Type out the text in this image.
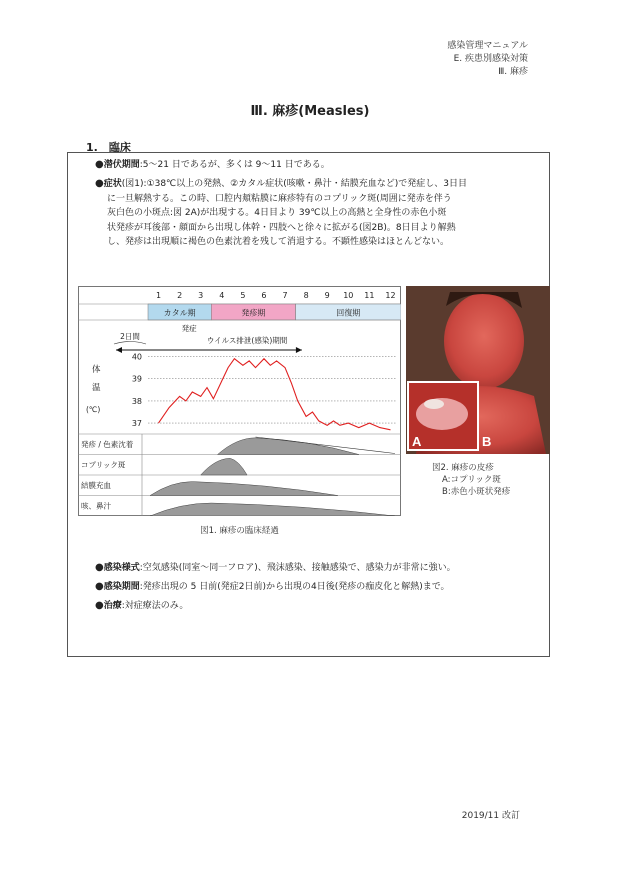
感染管理マニュアル
E. 疾患別感染対策
Ⅲ. 麻疹
Ⅲ. 麻疹(Measles)
1.　臨床
●潜伏期間:5～21 日であるが、多くは 9～11 日である。
●症状(図1):①38℃以上の発熱、②カタル症状(咳嗽・鼻汁・結膜充血など)で発症し、3日目
に一旦解熱する。この時、口腔内頬粘膜に麻疹特有のコプリック斑(周囲に発赤を伴う
灰白色の小斑点:図 2A)が出現する。4日目より 39℃以上の高熱と全身性の赤色小斑
状発疹が耳後部・顔面から出現し体幹・四肢へと徐々に拡がる(図2B)。8日目より解熱
し、発疹は出現順に褐色の色素沈着を残して消退する。不顕性感染はほとんどない。
1 2 3 4 5 6 7 8 9 10 11 12
カタル期	発疹期	回復期
発症
2日間	ウイルス排泄(感染)期間
40
39
38
37
体
温
(℃)
発疹 / 色素沈着
コプリック斑
結膜充血
咳、鼻汁
図1. 麻疹の臨床経過
A	B
図2. 麻疹の皮疹
A:コプリック斑
B:赤色小斑状発疹
●感染様式:空気感染(同室～同一フロア)、飛沫感染、接触感染で、感染力が非常に強い。
●感染期間:発疹出現の 5 日前(発症2日前)から出現の4日後(発疹の痂皮化と解熱)まで。
●治療:対症療法のみ。
2019/11 改訂
